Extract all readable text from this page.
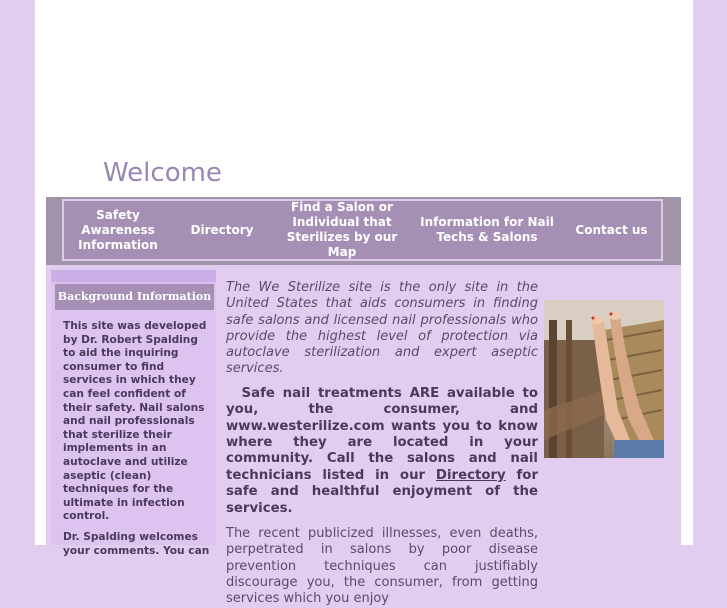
Welcome
Safety Awareness Information
Directory
Find a Salon or Individual that Sterilizes by our Map
Information for Nail Techs & Salons
Contact us
Background Information

This site was developed by Dr. Robert Spalding to aid the inquiring consumer to find services in which they can feel confident of their safety. Nail salons and nail professionals that sterilize their implements in an autoclave and utilize aseptic (clean) techniques for the ultimate in infection control.

Dr. Spalding welcomes your comments. You can

The We Sterilize site is the only site in the United States that aids consumers in finding safe salons and licensed nail professionals who provide the highest level of protection via autoclave sterilization and expert aseptic services.

Safe nail treatments ARE available to you, the consumer, and www.westerilize.com wants you to know where they are located in your community. Call the salons and nail technicians listed in our Directory for safe and healthful enjoyment of the services.

The recent publicized illnesses, even deaths, perpetrated in salons by poor disease prevention techniques can justifiably discourage you, the consumer, from getting services which you enjoy
